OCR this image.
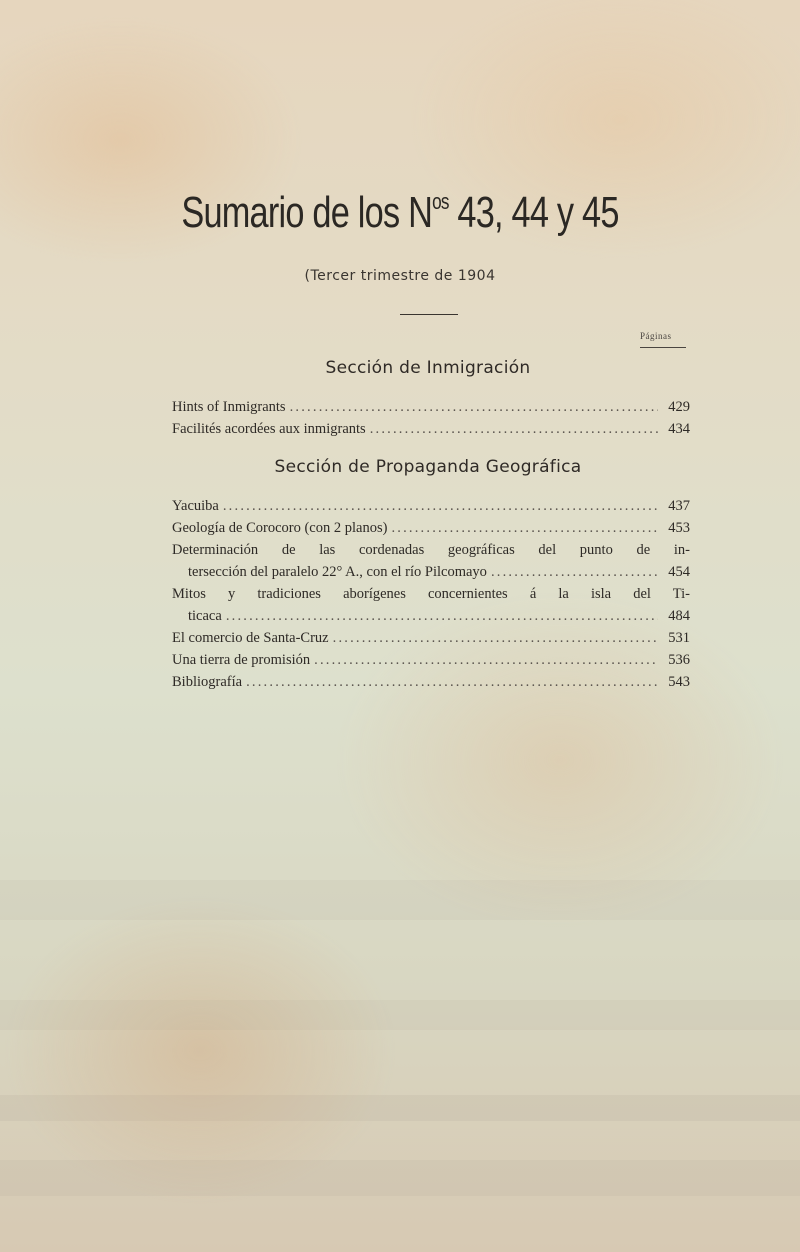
Sumario de los $N^{os}$ 43, 44 y 45
(Tercer trimestre de 1904
Páginas
Sección de Inmigración
Hints of Inmigrants .....	429
Facilités acordées aux inmigrants .....	434
Sección de Propaganda Geográfica
Yacuiba .....	437
Geología de Corocoro (con 2 planos) .....	453
Determinación de las cordenadas geográficas del punto de in-
tersección del paralelo 22° A., con el río Pilcomayo .....	454
Mitos y tradiciones aborígenes concernientes á la isla del Ti-
ticaca .....	484
El comercio de Santa-Cruz .....	531
Una tierra de promisión .....	536
Bibliografía .....	543
